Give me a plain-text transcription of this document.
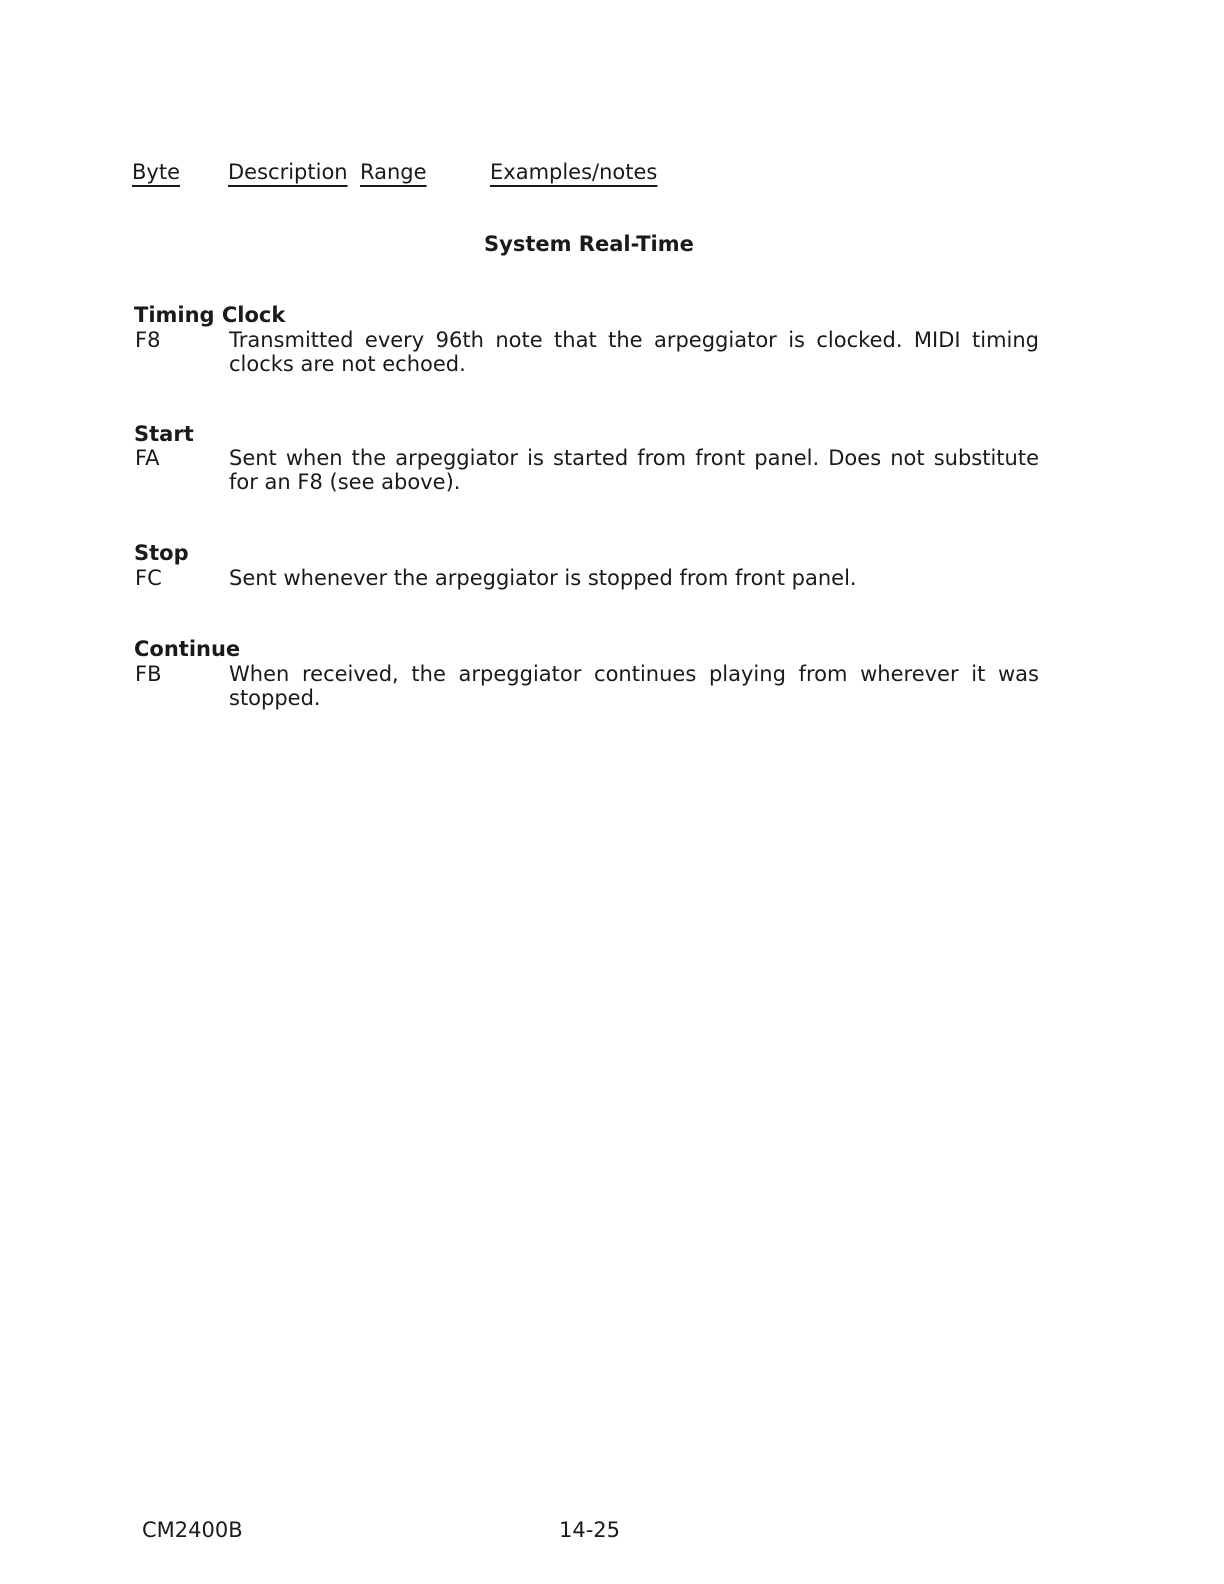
Byte Description Range	Examples/notes
System Real-Time
Timing Clock
F8	Transmitted every 96th note that the arpeggiator is clocked. MIDI timing clocks are not echoed.
Start
FA	Sent when the arpeggiator is started from front panel. Does not substitute for an F8 (see above).
Stop
FC	Sent whenever the arpeggiator is stopped from front panel.
Continue
FB	When received, the arpeggiator continues playing from wherever it was stopped.
CM2400B	14-25
